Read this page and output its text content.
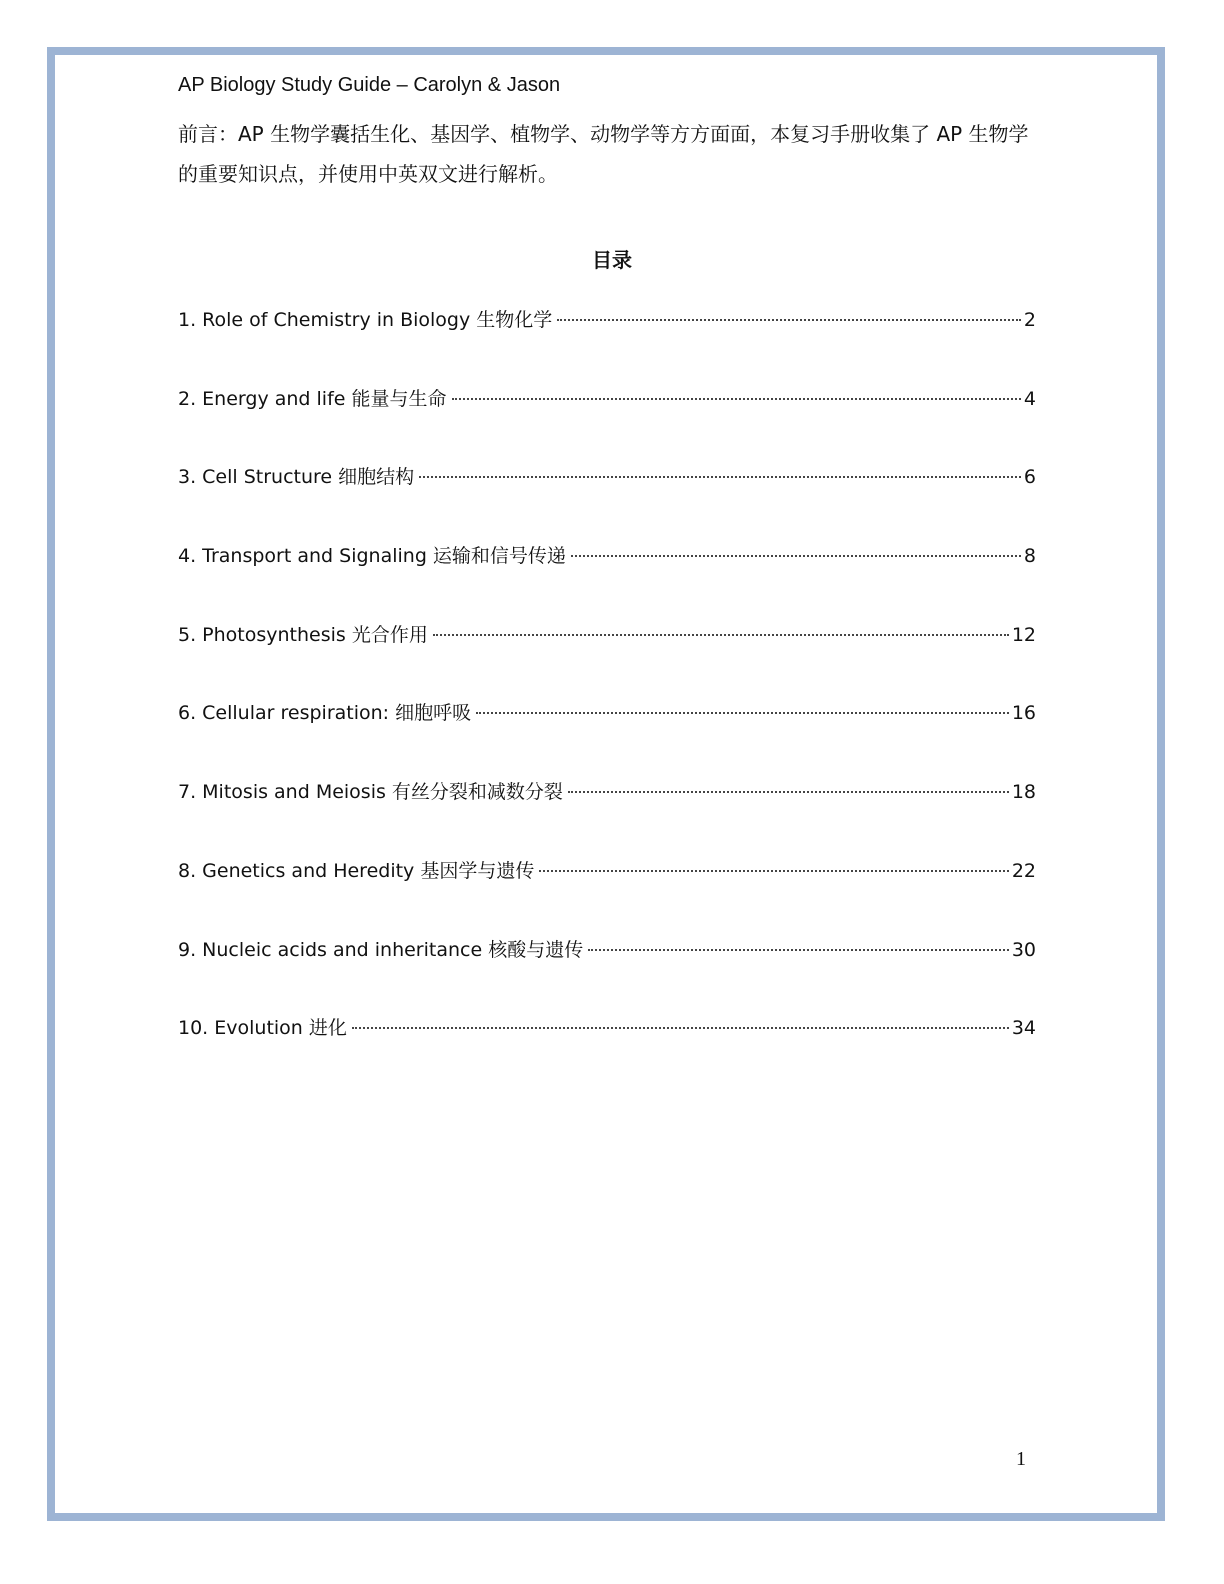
AP Biology Study Guide – Carolyn & Jason
前言：AP 生物学囊括生化、基因学、植物学、动物学等方方面面，本复习手册收集了 AP 生物学的重要知识点，并使用中英双文进行解析。
目录
1. Role of Chemistry in Biology 生物化学	2
2. Energy and life 能量与生命	4
3. Cell Structure 细胞结构	6
4. Transport and Signaling 运输和信号传递	8
5. Photosynthesis 光合作用	12
6. Cellular respiration: 细胞呼吸	16
7. Mitosis and Meiosis 有丝分裂和减数分裂	18
8. Genetics and Heredity 基因学与遗传	22
9. Nucleic acids and inheritance 核酸与遗传	30
10. Evolution 进化	34
1
